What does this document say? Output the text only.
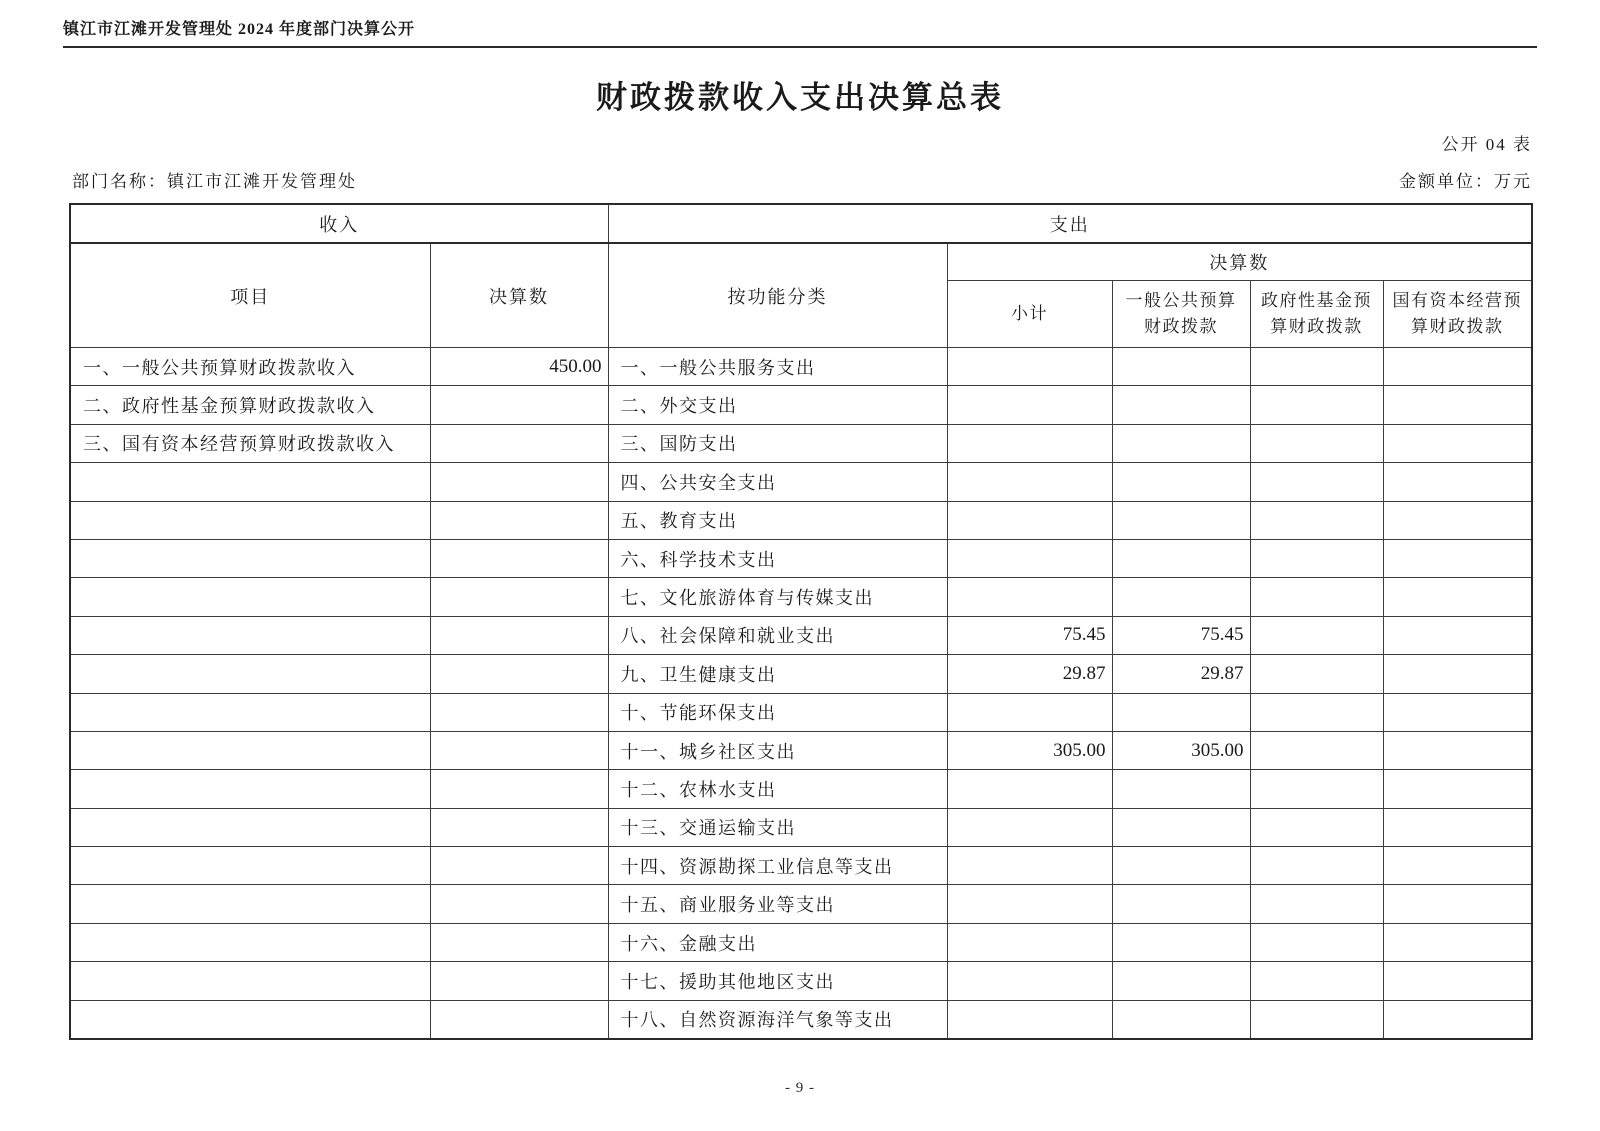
镇江市江滩开发管理处 2024 年度部门决算公开
财政拨款收入支出决算总表
公开 04 表
部门名称：镇江市江滩开发管理处	金额单位：万元
收入		支出				
项目	决算数	按功能分类	决算数			
			小计	一般公共预算财政拨款	政府性基金预算财政拨款	国有资本经营预算财政拨款
一、一般公共预算财政拨款收入	450.00	一、一般公共服务支出				
二、政府性基金预算财政拨款收入		二、外交支出				
三、国有资本经营预算财政拨款收入		三、国防支出				
		四、公共安全支出				
		五、教育支出				
		六、科学技术支出				
		七、文化旅游体育与传媒支出				
		八、社会保障和就业支出	75.45	75.45		
		九、卫生健康支出	29.87	29.87		
		十、节能环保支出				
		十一、城乡社区支出	305.00	305.00		
		十二、农林水支出				
		十三、交通运输支出				
		十四、资源勘探工业信息等支出				
		十五、商业服务业等支出				
		十六、金融支出				
		十七、援助其他地区支出				
		十八、自然资源海洋气象等支出				
- 9 -
